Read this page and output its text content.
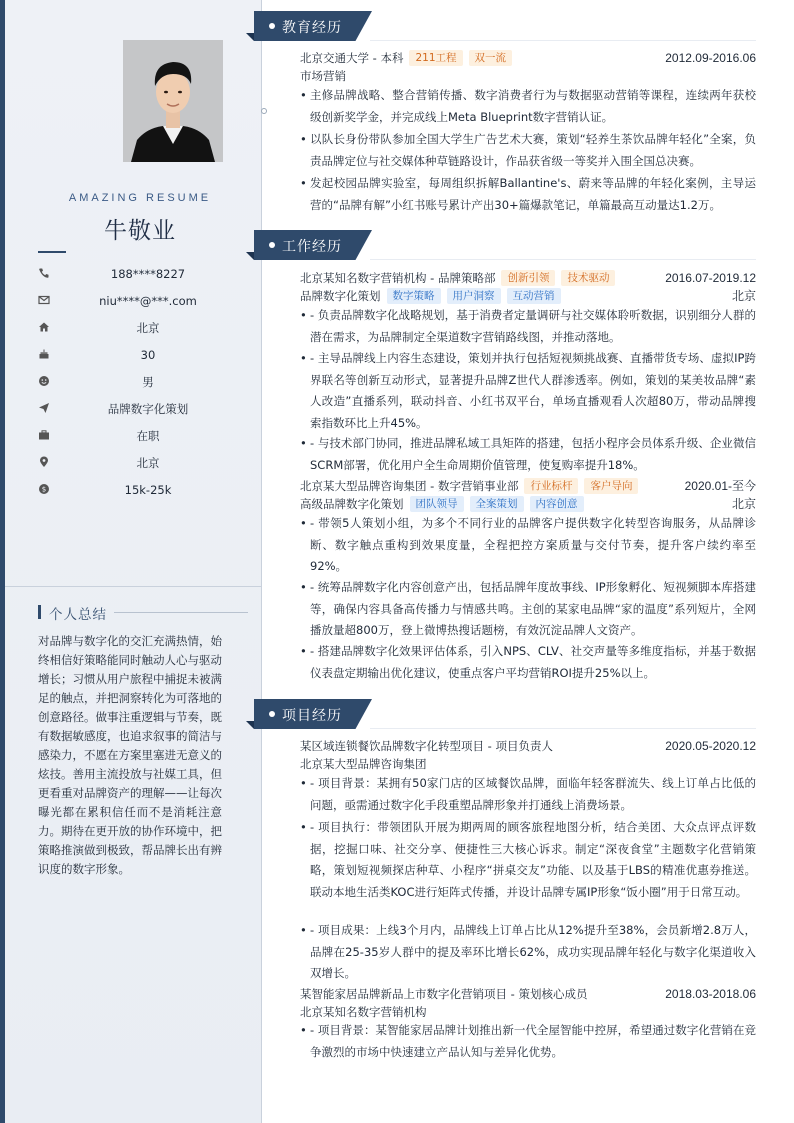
AMAZING RESUME
牛敬业
188****8227
niu****@***.com
北京
30
男
品牌数字化策划
在职
北京
$	15k-25k
个人总结
对品牌与数字化的交汇充满热情，始终相信好策略能同时触动人心与驱动增长；习惯从用户旅程中捕捉未被满足的触点，并把洞察转化为可落地的创意路径。做事注重逻辑与节奏，既有数据敏感度，也追求叙事的简洁与感染力，不愿在方案里塞进无意义的炫技。善用主流投放与社媒工具，但更看重对品牌资产的理解——让每次曝光都在累积信任而不是消耗注意力。期待在更开放的协作环境中，把策略推演做到极致，帮品牌长出有辨识度的数字形象。
教育经历
北京交通大学 - 本科 211工程 双一流	2012.09-2016.06
市场营销
• 主修品牌战略、整合营销传播、数字消费者行为与数据驱动营销等课程，连续两年获校级创新奖学金，并完成线上Meta Blueprint数字营销认证。
• 以队长身份带队参加全国大学生广告艺术大赛，策划“轻养生茶饮品牌年轻化”全案，负责品牌定位与社交媒体种草链路设计，作品获省级一等奖并入围全国总决赛。
• 发起校园品牌实验室，每周组织拆解Ballantine's、蔚来等品牌的年轻化案例，主导运营的“品牌有解”小红书账号累计产出30+篇爆款笔记，单篇最高互动量达1.2万。
工作经历
北京某知名数字营销机构 - 品牌策略部 创新引领 技术驱动	2016.07-2019.12
品牌数字化策划 数字策略 用户洞察 互动营销	北京
• - 负责品牌数字化战略规划，基于消费者定量调研与社交媒体聆听数据，识别细分人群的潜在需求，为品牌制定全渠道数字营销路线图，并推动落地。
• - 主导品牌线上内容生态建设，策划并执行包括短视频挑战赛、直播带货专场、虚拟IP跨界联名等创新互动形式，显著提升品牌Z世代人群渗透率。例如，策划的某美妆品牌“素人改造”直播系列，联动抖音、小红书双平台，单场直播观看人次超80万，带动品牌搜索指数环比上升45%。
• - 与技术部门协同，推进品牌私域工具矩阵的搭建，包括小程序会员体系升级、企业微信SCRM部署，优化用户全生命周期价值管理，使复购率提升18%。
北京某大型品牌咨询集团 - 数字营销事业部 行业标杆 客户导向	2020.01-至今
高级品牌数字化策划 团队领导 全案策划 内容创意	北京
• - 带领5人策划小组，为多个不同行业的品牌客户提供数字化转型咨询服务，从品牌诊断、数字触点重构到效果度量，全程把控方案质量与交付节奏，提升客户续约率至92%。
• - 统筹品牌数字化内容创意产出，包括品牌年度故事线、IP形象孵化、短视频脚本库搭建等，确保内容具备高传播力与情感共鸣。主创的某家电品牌“家的温度”系列短片，全网播放量超800万，登上微博热搜话题榜，有效沉淀品牌人文资产。
• - 搭建品牌数字化效果评估体系，引入NPS、CLV、社交声量等多维度指标，并基于数据仪表盘定期输出优化建议，使重点客户平均营销ROI提升25%以上。
项目经历
某区域连锁餐饮品牌数字化转型项目 - 项目负责人	2020.05-2020.12
北京某大型品牌咨询集团
• - 项目背景：某拥有50家门店的区域餐饮品牌，面临年轻客群流失、线上订单占比低的问题，亟需通过数字化手段重塑品牌形象并打通线上消费场景。
• - 项目执行：带领团队开展为期两周的顾客旅程地图分析，结合美团、大众点评点评数据，挖掘口味、社交分享、便捷性三大核心诉求。制定“深夜食堂”主题数字化营销策略，策划短视频探店种草、小程序“拼桌交友”功能、以及基于LBS的精准优惠券推送。联动本地生活类KOC进行矩阵式传播，并设计品牌专属IP形象“饭小圈”用于日常互动。
• - 项目成果：上线3个月内，品牌线上订单占比从12%提升至38%，会员新增2.8万人，品牌在25-35岁人群中的提及率环比增长62%，成功实现品牌年轻化与数字化渠道收入双增长。
某智能家居品牌新品上市数字化营销项目 - 策划核心成员	2018.03-2018.06
北京某知名数字营销机构
• - 项目背景：某智能家居品牌计划推出新一代全屋智能中控屏，希望通过数字化营销在竞争激烈的市场中快速建立产品认知与差异化优势。
